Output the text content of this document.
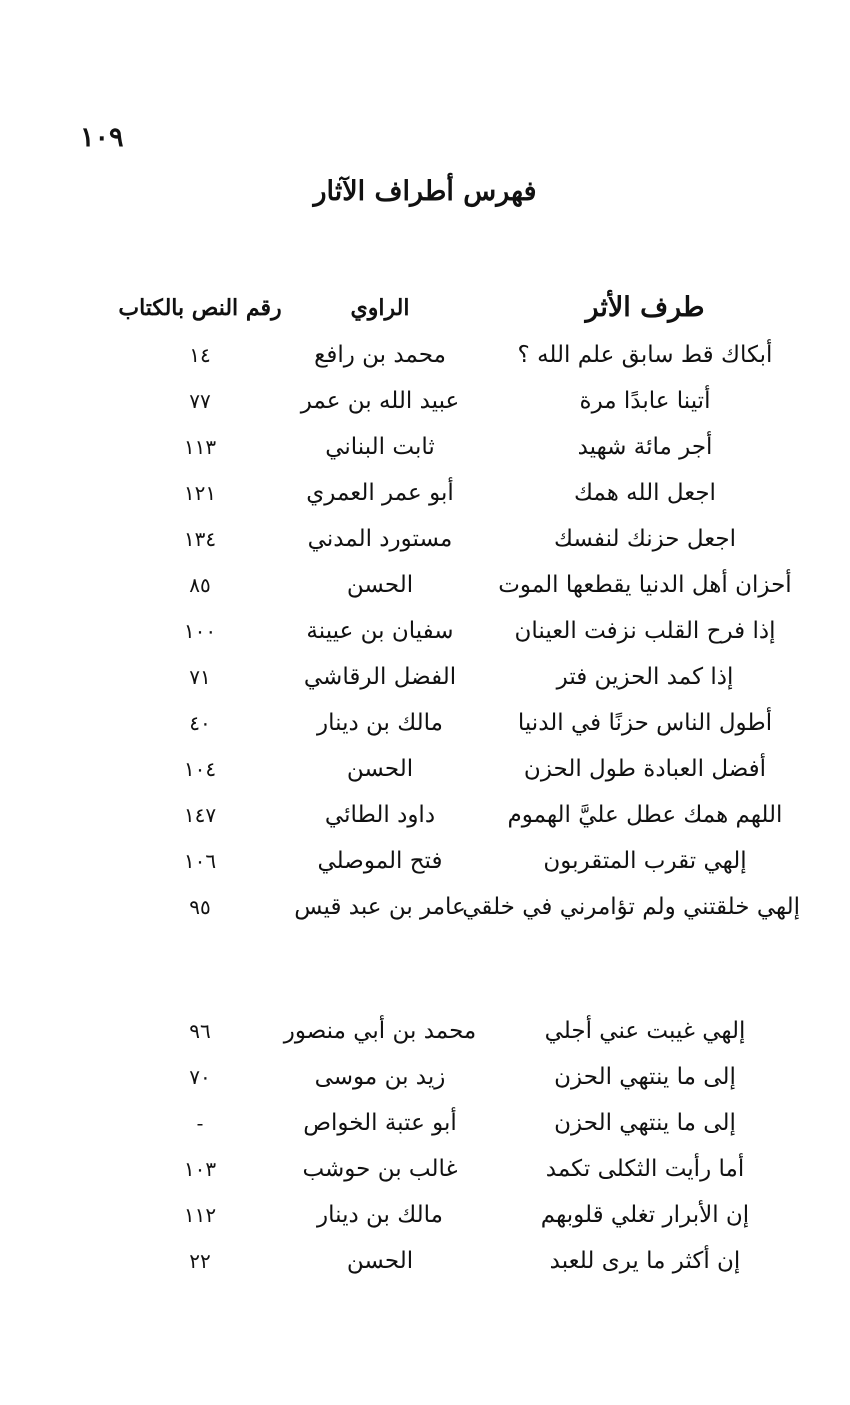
١٠٩
فهرس أطراف الآثار
طرف الأثر
الراوي
رقم النص بالكتاب
أبكاك قط سابق علم الله ؟
محمد بن رافع
١٤
أتينا عابدًا مرة
عبيد الله بن عمر
٧٧
أجر مائة شهيد
ثابت البناني
١١٣
اجعل الله همك
أبو عمر العمري
١٢١
اجعل حزنك لنفسك
مستورد المدني
١٣٤
أحزان أهل الدنيا يقطعها الموت
الحسن
٨٥
إذا فرح القلب نزفت العينان
سفيان بن عيينة
١٠٠
إذا كمد الحزين فتر
الفضل الرقاشي
٧١
أطول الناس حزنًا في الدنيا
مالك بن دينار
٤٠
أفضل العبادة طول الحزن
الحسن
١٠٤
اللهم همك عطل عليَّ الهموم
داود الطائي
١٤٧
إلهي تقرب المتقربون
فتح الموصلي
١٠٦
إلهي خلقتني ولم تؤامرني في خلقي
عامر بن عبد قيس
٩٥
إلهي غيبت عني أجلي
محمد بن أبي منصور
٩٦
إلى ما ينتهي الحزن
زيد بن موسى
٧٠
إلى ما ينتهي الحزن
أبو عتبة الخواص
-
أما رأيت الثكلى تكمد
غالب بن حوشب
١٠٣
إن الأبرار تغلي قلوبهم
مالك بن دينار
١١٢
إن أكثر ما يرى للعبد
الحسن
٢٢
